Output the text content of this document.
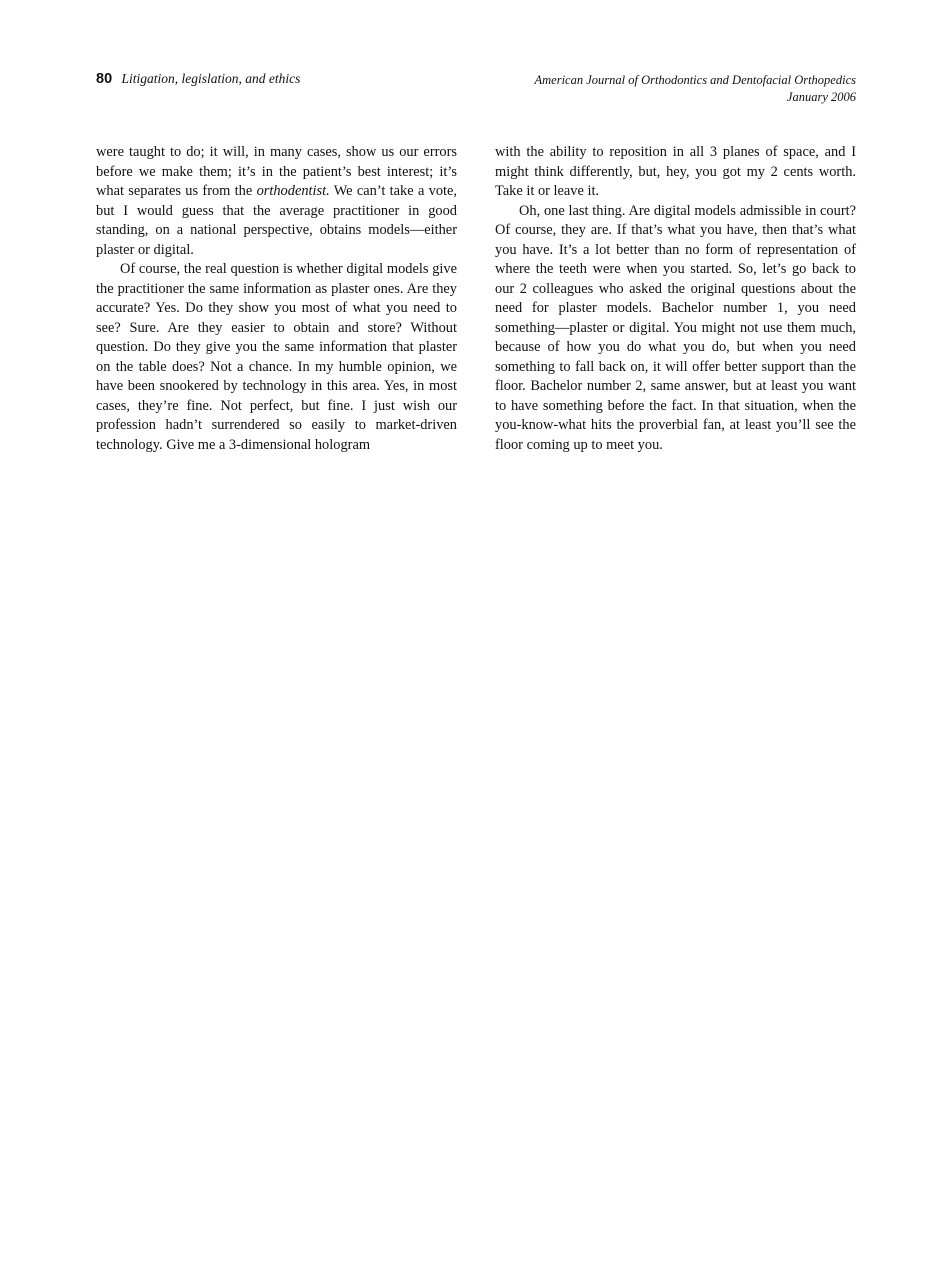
80 Litigation, legislation, and ethics	American Journal of Orthodontics and Dentofacial Orthopedics
January 2006

were taught to do; it will, in many cases, show us our errors before we make them; it’s in the patient’s best interest; it’s what separates us from the orthodentist. We can’t take a vote, but I would guess that the average practitioner in good standing, on a national perspective, obtains models—either plaster or digital.

Of course, the real question is whether digital models give the practitioner the same information as plaster ones. Are they accurate? Yes. Do they show you most of what you need to see? Sure. Are they easier to obtain and store? Without question. Do they give you the same information that plaster on the table does? Not a chance. In my humble opinion, we have been snookered by technology in this area. Yes, in most cases, they’re fine. Not perfect, but fine. I just wish our profession hadn’t surrendered so easily to market-driven technology. Give me a 3-dimensional hologram

with the ability to reposition in all 3 planes of space, and I might think differently, but, hey, you got my 2 cents worth. Take it or leave it.

Oh, one last thing. Are digital models admissible in court? Of course, they are. If that’s what you have, then that’s what you have. It’s a lot better than no form of representation of where the teeth were when you started. So, let’s go back to our 2 colleagues who asked the original questions about the need for plaster models. Bachelor number 1, you need something—plaster or digital. You might not use them much, because of how you do what you do, but when you need something to fall back on, it will offer better support than the floor. Bachelor number 2, same answer, but at least you want to have something before the fact. In that situation, when the you-know-what hits the proverbial fan, at least you’ll see the floor coming up to meet you.
